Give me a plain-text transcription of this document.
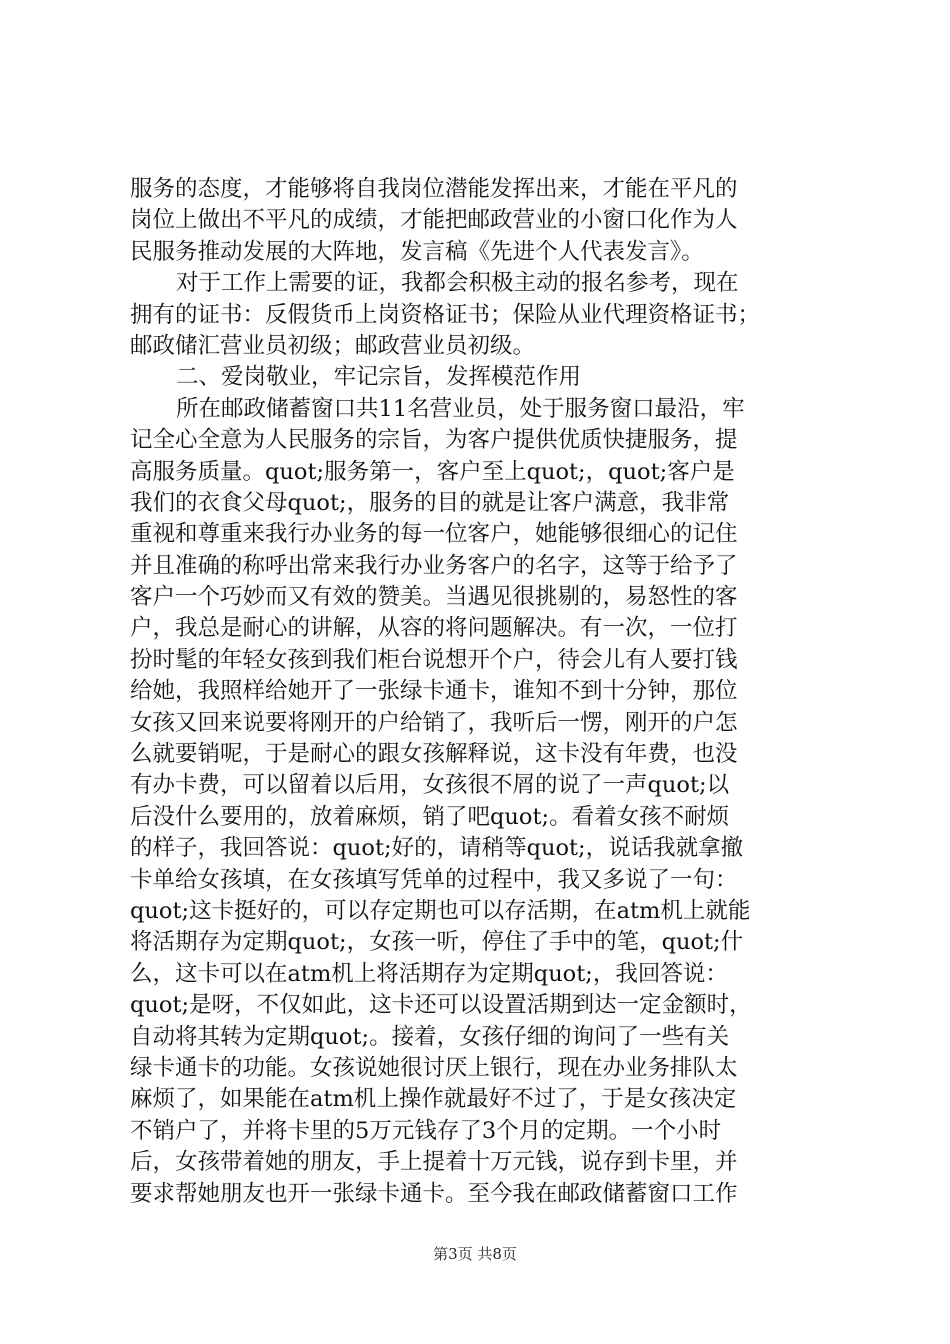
服务的态度，才能够将自我岗位潜能发挥出来，才能在平凡的
岗位上做出不平凡的成绩，才能把邮政营业的小窗口化作为人
民服务推动发展的大阵地，发言稿《先进个人代表发言》。
对于工作上需要的证，我都会积极主动的报名参考，现在
拥有的证书：反假货币上岗资格证书；保险从业代理资格证书；
邮政储汇营业员初级；邮政营业员初级。
二、爱岗敬业，牢记宗旨，发挥模范作用
所在邮政储蓄窗口共11名营业员，处于服务窗口最沿，牢
记全心全意为人民服务的宗旨，为客户提供优质快捷服务，提
高服务质量。quot;服务第一，客户至上quot;，quot;客户是
我们的衣食父母quot;，服务的目的就是让客户满意，我非常
重视和尊重来我行办业务的每一位客户，她能够很细心的记住
并且准确的称呼出常来我行办业务客户的名字，这等于给予了
客户一个巧妙而又有效的赞美。当遇见很挑剔的，易怒性的客
户，我总是耐心的讲解，从容的将问题解决。有一次，一位打
扮时髦的年轻女孩到我们柜台说想开个户，待会儿有人要打钱
给她，我照样给她开了一张绿卡通卡，谁知不到十分钟，那位
女孩又回来说要将刚开的户给销了，我听后一愣，刚开的户怎
么就要销呢，于是耐心的跟女孩解释说，这卡没有年费，也没
有办卡费，可以留着以后用，女孩很不屑的说了一声quot;以
后没什么要用的，放着麻烦，销了吧quot;。看着女孩不耐烦
的样子，我回答说：quot;好的，请稍等quot;，说话我就拿撤
卡单给女孩填，在女孩填写凭单的过程中，我又多说了一句：
quot;这卡挺好的，可以存定期也可以存活期，在atm机上就能
将活期存为定期quot;，女孩一听，停住了手中的笔，quot;什
么，这卡可以在atm机上将活期存为定期quot;，我回答说：
quot;是呀，不仅如此，这卡还可以设置活期到达一定金额时，
自动将其转为定期quot;。接着，女孩仔细的询问了一些有关
绿卡通卡的功能。女孩说她很讨厌上银行，现在办业务排队太
麻烦了，如果能在atm机上操作就最好不过了，于是女孩决定
不销户了，并将卡里的5万元钱存了3个月的定期。一个小时
后，女孩带着她的朋友，手上提着十万元钱，说存到卡里，并
要求帮她朋友也开一张绿卡通卡。至今我在邮政储蓄窗口工作
第3页 共8页
